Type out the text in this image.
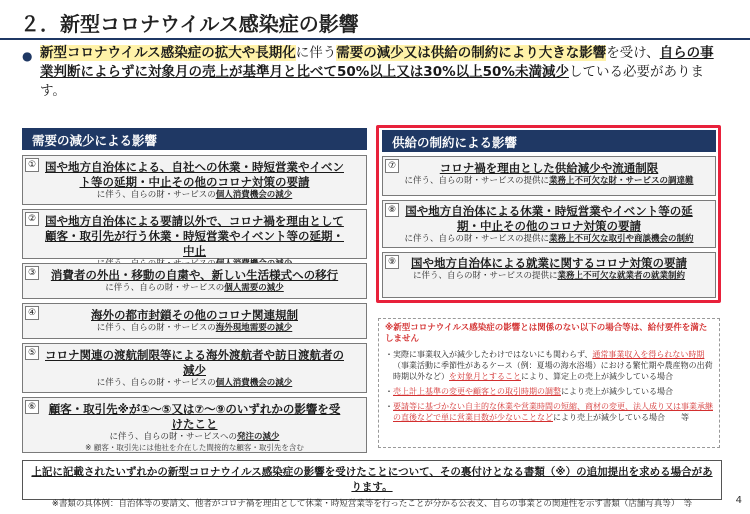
２．新型コロナウイルス感染症の影響
● 新型コロナウイルス感染症の拡大や長期化に伴う需要の減少又は供給の制約により大きな影響を受け、自らの事業判断によらずに対象月の売上が基準月と比べて50%以上又は30%以上50%未満減少している必要があります。
需要の減少による影響
① 国や地方自治体による、自社への休業・時短営業やイベント等の延期・中止その他のコロナ対策の要請
に伴う、自らの財・サービスの個人消費機会の減少
② 国や地方自治体による要請以外で、コロナ禍を理由として顧客・取引先が行う休業・時短営業やイベント等の延期・中止
③	消費者の外出・移動の自粛や、新しい生活様式への移行
に伴う、自らの財・サービスの個人需要の減少
④	海外の都市封鎖その他のコロナ関連規制
に伴う、自らの財・サービスの海外現地需要の減少
⑤ コロナ関連の渡航制限等による海外渡航者や訪日渡航者の減少
に伴う、自らの財・サービスの個人消費機会の減少
⑥	顧客・取引先※が①～⑤又は⑦～⑨のいずれかの影響を受けたこと
に伴う、自らの財・サービスへの発注の減少
※ 顧客・取引先には他社を介在した間接的な顧客・取引先を含む
供給の制約による影響
⑦	コロナ禍を理由とした供給減少や流通制限
に伴う、自らの財・サービスの提供に業務上不可欠な財・サービスの調達難
⑧ 国や地方自治体による休業・時短営業やイベント等の延期・中止その他のコロナ対策の要請
に伴う、自らの財・サービスの提供に業務上不可欠な取引や商談機会の制約
⑨	国や地方自治体による就業に関するコロナ対策の要請
に伴う、自らの財・サービスの提供に業務上不可欠な就業者の就業制約
※新型コロナウイルス感染症の影響とは関係のない以下の場合等は、給付要件を満たしません
・ 実際に事業収入が減少したわけではないにも関わらず、通常事業収入を得られない時期（事業活動に季節性があるケース（例：夏場の海水浴場）における繁忙期や農産物の出荷時期以外など）を対象月とすることにより、算定上の売上が減少している場合
・ 売上計上基準の変更や顧客との取引時期の調整により売上が減少している場合
・ 要請等に基づかない自主的な休業や営業時間の短縮、商材の変更、法人成り又は事業承継の直後などで単に営業日数が少ないことなどにより売上が減少している場合　　等
上記に記載されたいずれかの新型コロナウイルス感染症の影響を受けたことについて、その裏付けとなる書類（※）の追加提出を求める場合があります。
※書類の具体例：自治体等の要請文、他者がコロナ禍を理由として休業・時短営業等を行ったことが分かる公表文、自らの事業との関連性を示す書類（店舗写真等）　等	4
